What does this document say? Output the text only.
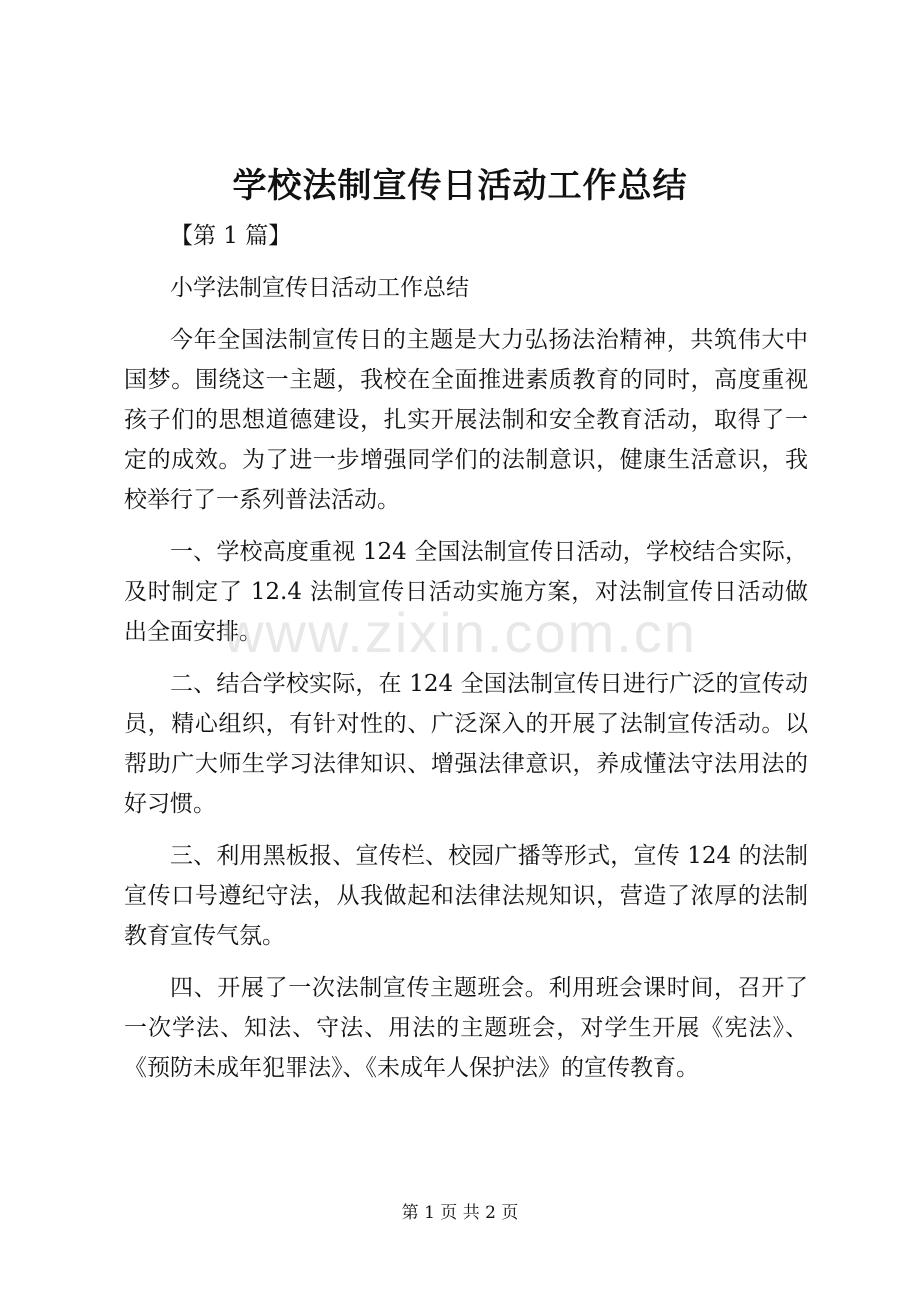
学校法制宣传日活动工作总结

【第 1 篇】

小学法制宣传日活动工作总结

今年全国法制宣传日的主题是大力弘扬法治精神，共筑伟大中国梦。围绕这一主题，我校在全面推进素质教育的同时，高度重视孩子们的思想道德建设，扎实开展法制和安全教育活动，取得了一定的成效。为了进一步增强同学们的法制意识，健康生活意识，我校举行了一系列普法活动。

一、学校高度重视 124 全国法制宣传日活动，学校结合实际，及时制定了 12.4 法制宣传日活动实施方案，对法制宣传日活动做出全面安排。

二、结合学校实际，在 124 全国法制宣传日进行广泛的宣传动员，精心组织，有针对性的、广泛深入的开展了法制宣传活动。以帮助广大师生学习法律知识、增强法律意识，养成懂法守法用法的好习惯。

三、利用黑板报、宣传栏、校园广播等形式，宣传 124 的法制宣传口号遵纪守法，从我做起和法律法规知识，营造了浓厚的法制教育宣传气氛。

四、开展了一次法制宣传主题班会。利用班会课时间，召开了一次学法、知法、守法、用法的主题班会，对学生开展《宪法》、《预防未成年犯罪法》、《未成年人保护法》的宣传教育。

www.zixin.com.cn
第 1 页 共 2 页
